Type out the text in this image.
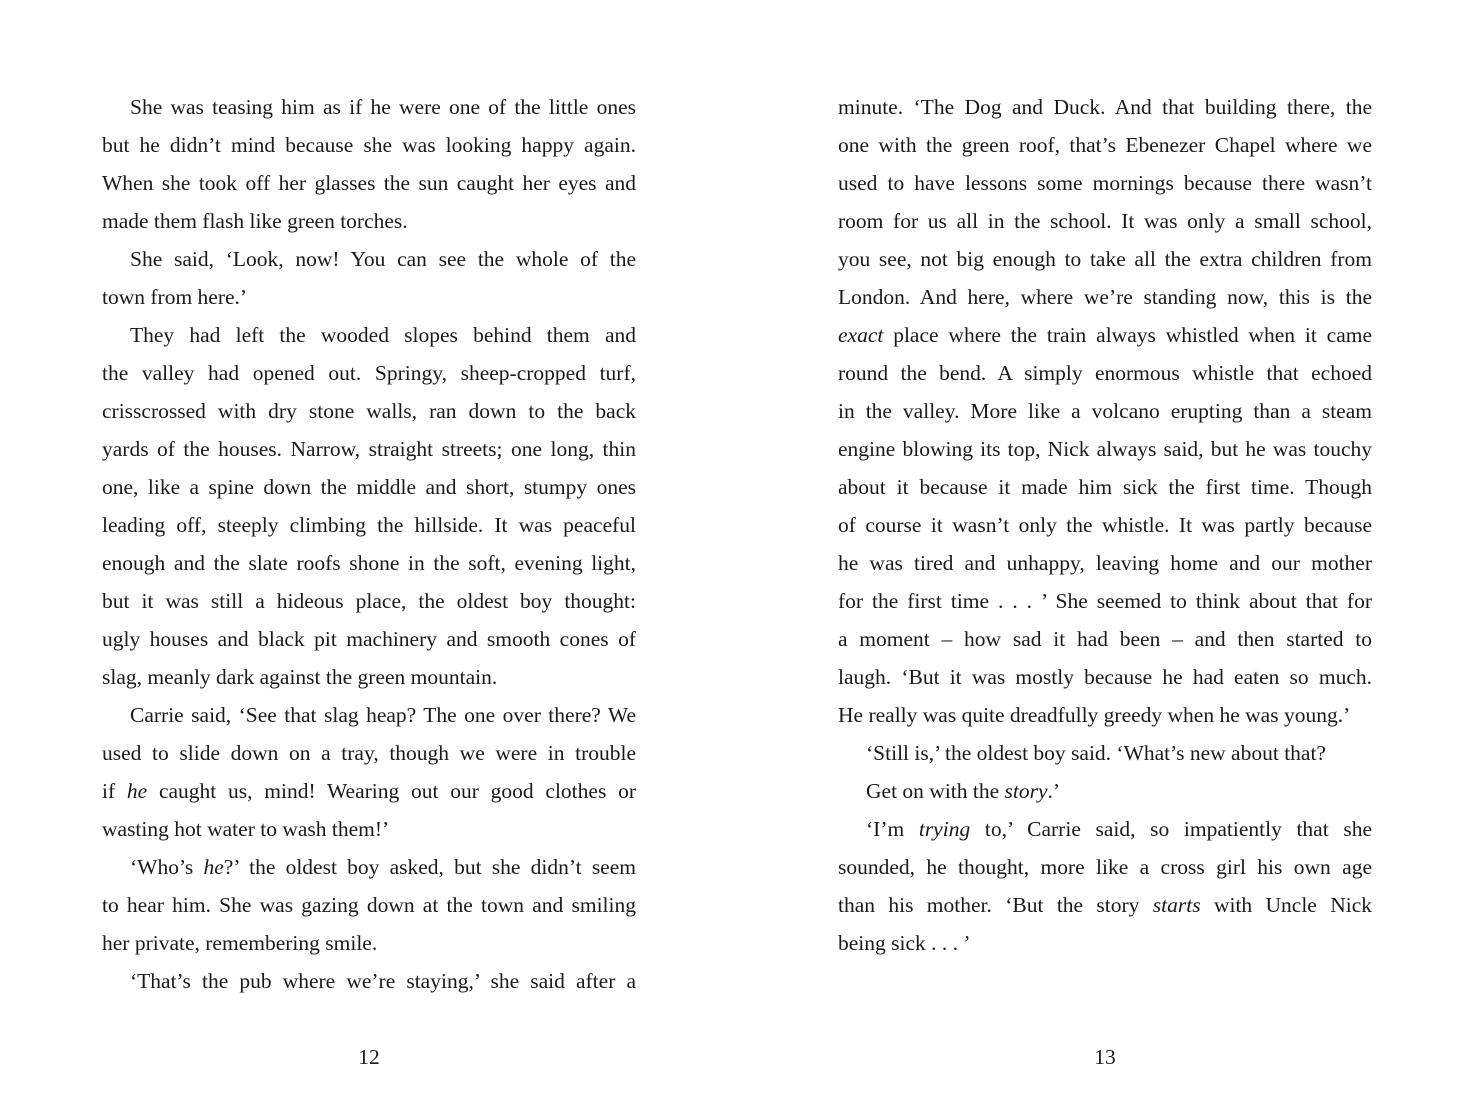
She was teasing him as if he were one of the little ones
but he didn’t mind because she was looking happy again.
When she took off her glasses the sun caught her eyes and
made them flash like green torches.
She said, ‘Look, now! You can see the whole of the
town from here.’
They had left the wooded slopes behind them and
the valley had opened out. Springy, sheep-cropped turf,
crisscrossed with dry stone walls, ran down to the back
yards of the houses. Narrow, straight streets; one long, thin
one, like a spine down the middle and short, stumpy ones
leading off, steeply climbing the hillside. It was peaceful
enough and the slate roofs shone in the soft, evening light,
but it was still a hideous place, the oldest boy thought:
ugly houses and black pit machinery and smooth cones of
slag, meanly dark against the green mountain.
Carrie said, ‘See that slag heap? The one over there? We
used to slide down on a tray, though we were in trouble
if he caught us, mind! Wearing out our good clothes or
wasting hot water to wash them!’
‘Who’s he?’ the oldest boy asked, but she didn’t seem
to hear him. She was gazing down at the town and smiling
her private, remembering smile.
‘That’s the pub where we’re staying,’ she said after a
minute. ‘The Dog and Duck. And that building there, the
one with the green roof, that’s Ebenezer Chapel where we
used to have lessons some mornings because there wasn’t
room for us all in the school. It was only a small school,
you see, not big enough to take all the extra children from
London. And here, where we’re standing now, this is the
exact place where the train always whistled when it came
round the bend. A simply enormous whistle that echoed
in the valley. More like a volcano erupting than a steam
engine blowing its top, Nick always said, but he was touchy
about it because it made him sick the first time. Though
of course it wasn’t only the whistle. It was partly because
he was tired and unhappy, leaving home and our mother
for the first time . . . ’ She seemed to think about that for
a moment – how sad it had been – and then started to
laugh. ‘But it was mostly because he had eaten so much.
He really was quite dreadfully greedy when he was young.’
‘Still is,’ the oldest boy said. ‘What’s new about that?
Get on with the story.’
‘I’m trying to,’ Carrie said, so impatiently that she
sounded, he thought, more like a cross girl his own age
than his mother. ‘But the story starts with Uncle Nick
being sick . . . ’
12	13
